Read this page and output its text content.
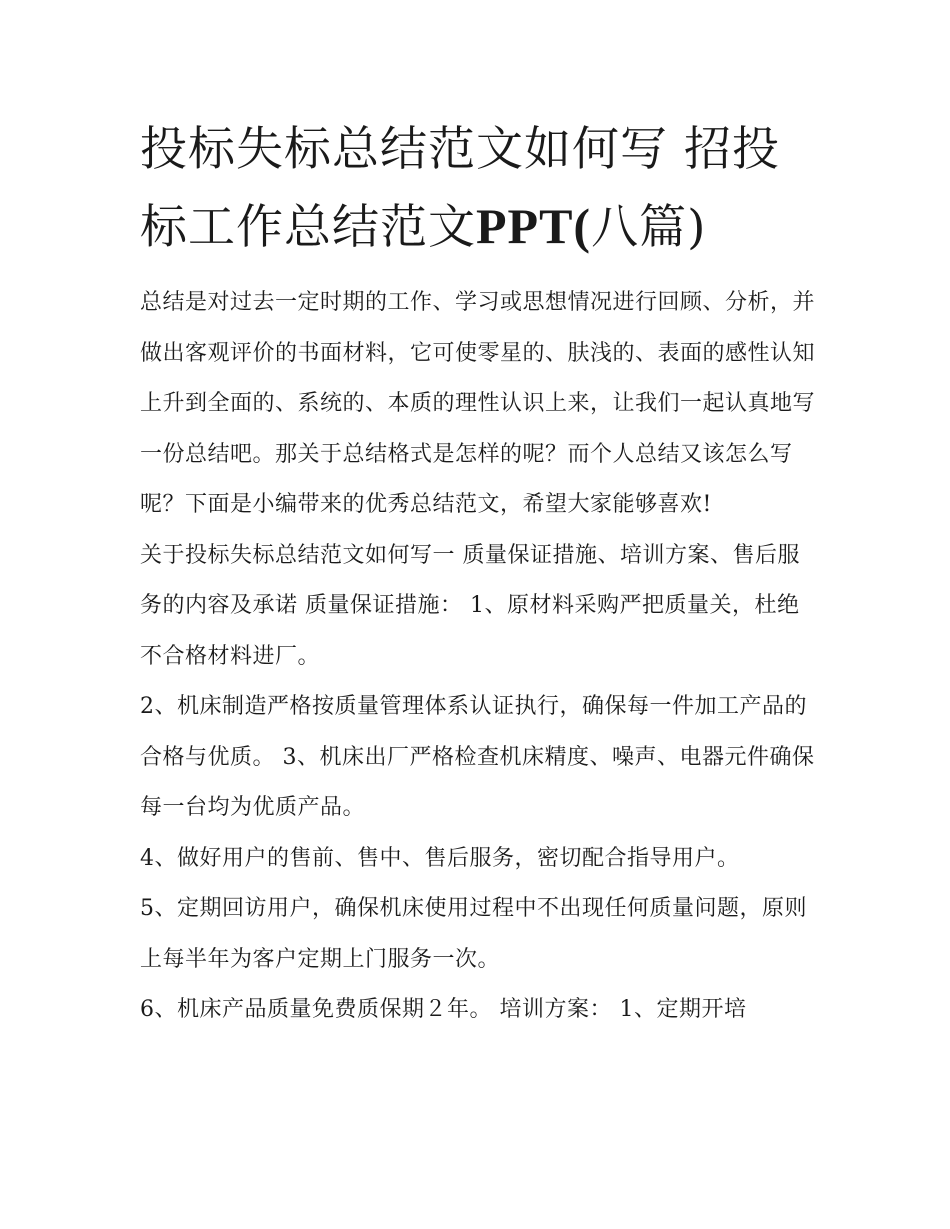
投标失标总结范文如何写 招投标工作总结范文PPT(八篇)

总结是对过去一定时期的工作、学习或思想情况进行回顾、分析，并做出客观评价的书面材料，它可使零星的、肤浅的、表面的感性认知上升到全面的、系统的、本质的理性认识上来，让我们一起认真地写一份总结吧。那关于总结格式是怎样的呢？而个人总结又该怎么写呢？下面是小编带来的优秀总结范文，希望大家能够喜欢!

关于投标失标总结范文如何写一 质量保证措施、培训方案、售后服务的内容及承诺 质量保证措施： 1、原材料采购严把质量关，杜绝不合格材料进厂。

2、机床制造严格按质量管理体系认证执行，确保每一件加工产品的合格与优质。 3、机床出厂严格检查机床精度、噪声、电器元件确保每一台均为优质产品。

4、做好用户的售前、售中、售后服务，密切配合指导用户。

5、定期回访用户，确保机床使用过程中不出现任何质量问题，原则上每半年为客户定期上门服务一次。

6、机床产品质量免费质保期２年。 培训方案： 1、定期开培
